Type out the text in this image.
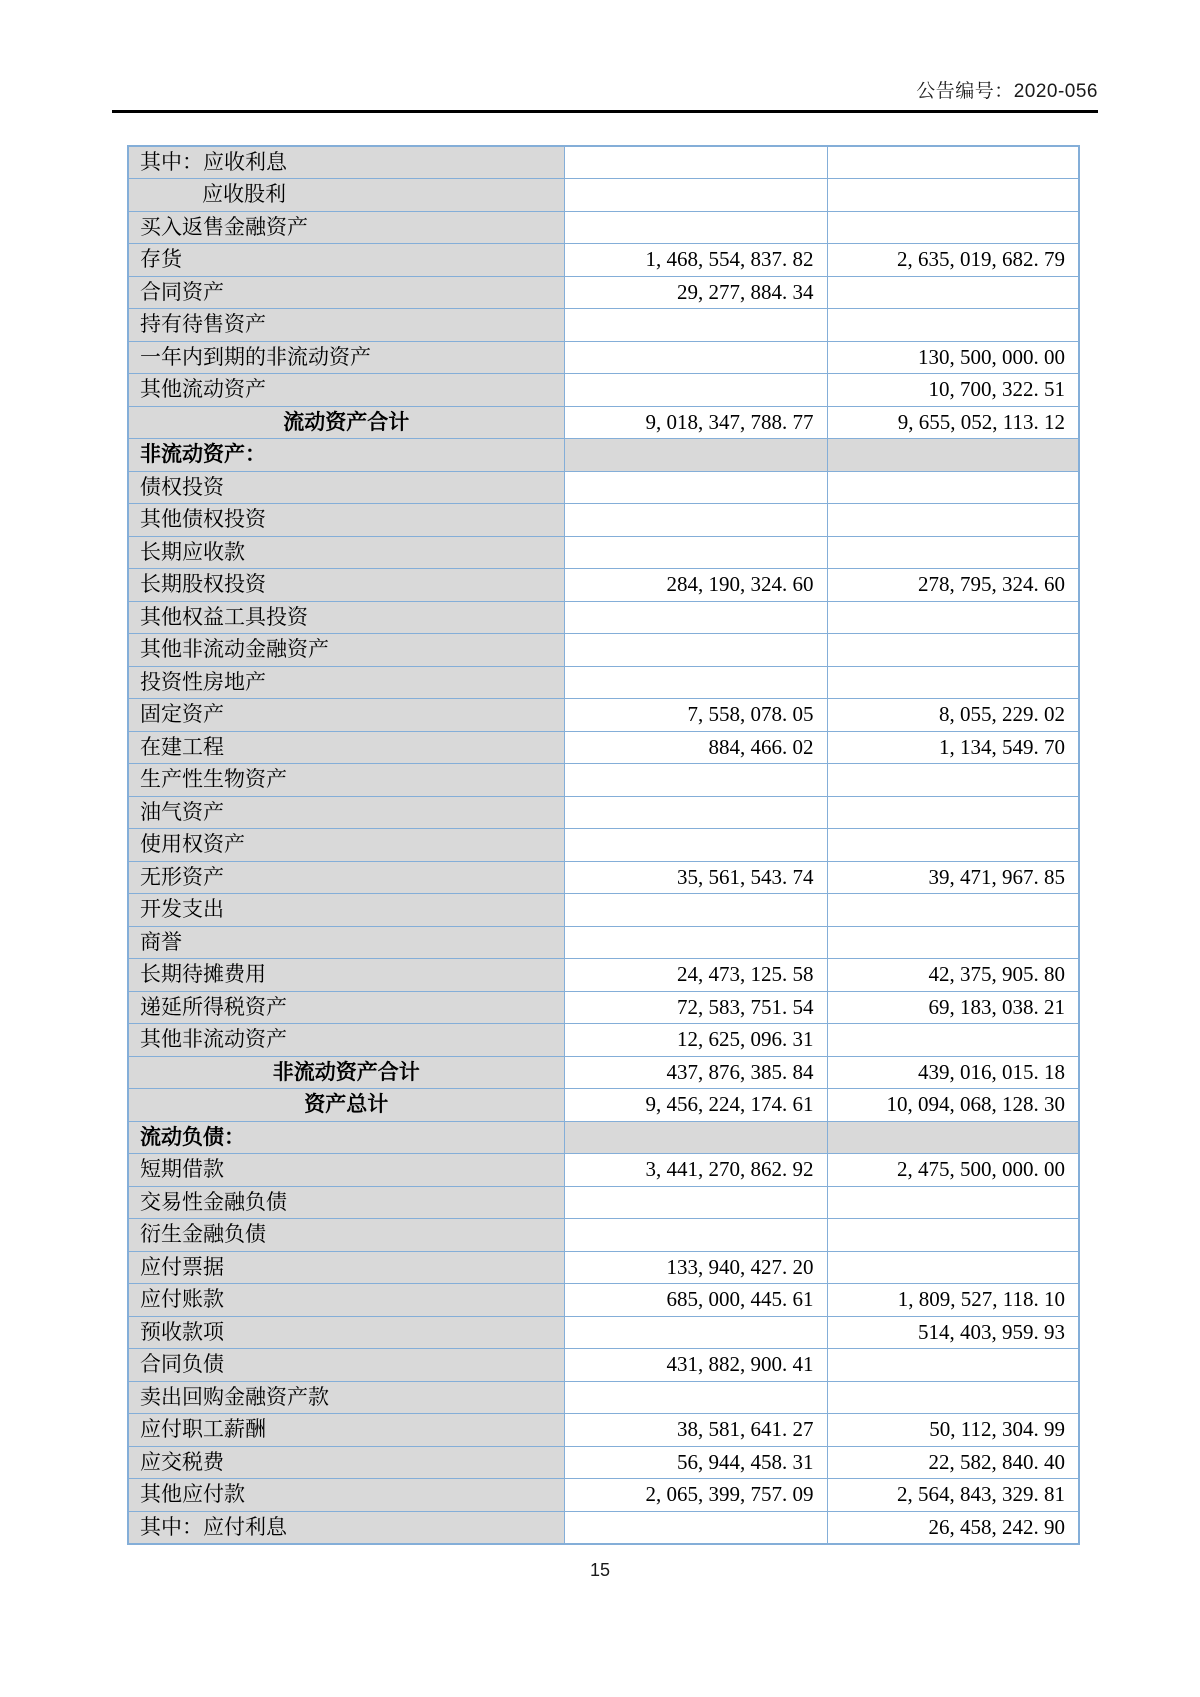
公告编号：2020-056
其中：应收利息		
应收股利		
买入返售金融资产		
存货	1, 468, 554, 837. 82	2, 635, 019, 682. 79
合同资产	29, 277, 884. 34	
持有待售资产		
一年内到期的非流动资产		130, 500, 000. 00
其他流动资产		10, 700, 322. 51
流动资产合计	9, 018, 347, 788. 77	9, 655, 052, 113. 12
非流动资产：		
债权投资		
其他债权投资		
长期应收款		
长期股权投资	284, 190, 324. 60	278, 795, 324. 60
其他权益工具投资		
其他非流动金融资产		
投资性房地产		
固定资产	7, 558, 078. 05	8, 055, 229. 02
在建工程	884, 466. 02	1, 134, 549. 70
生产性生物资产		
油气资产		
使用权资产		
无形资产	35, 561, 543. 74	39, 471, 967. 85
开发支出		
商誉		
长期待摊费用	24, 473, 125. 58	42, 375, 905. 80
递延所得税资产	72, 583, 751. 54	69, 183, 038. 21
其他非流动资产	12, 625, 096. 31	
非流动资产合计	437, 876, 385. 84	439, 016, 015. 18
资产总计	9, 456, 224, 174. 61	10, 094, 068, 128. 30
流动负债：		
短期借款	3, 441, 270, 862. 92	2, 475, 500, 000. 00
交易性金融负债		
衍生金融负债		
应付票据	133, 940, 427. 20	
应付账款	685, 000, 445. 61	1, 809, 527, 118. 10
预收款项		514, 403, 959. 93
合同负债	431, 882, 900. 41	
卖出回购金融资产款		
应付职工薪酬	38, 581, 641. 27	50, 112, 304. 99
应交税费	56, 944, 458. 31	22, 582, 840. 40
其他应付款	2, 065, 399, 757. 09	2, 564, 843, 329. 81
其中：应付利息		26, 458, 242. 90
15
